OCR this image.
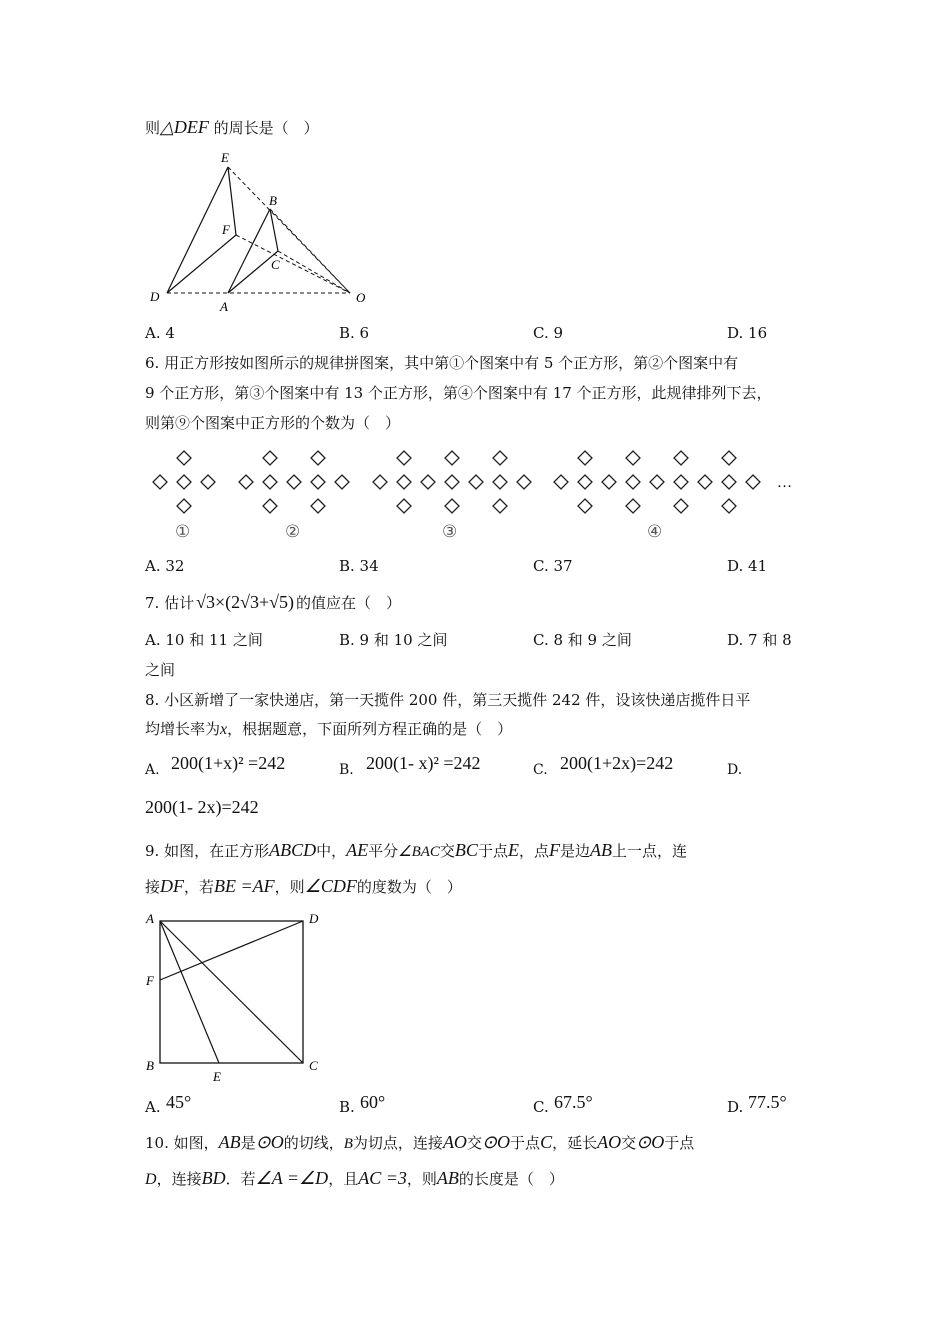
则△DEF 的周长是（　）
E
F
B
C
D
A
O
A. 4	B. 6	C. 9	D. 16
6. 用正方形按如图所示的规律拼图案，其中第①个图案中有 5 个正方形，第②个图案中有
9 个正方形，第③个图案中有 13 个正方形，第④个图案中有 17 个正方形，此规律排列下去，
则第⑨个图案中正方形的个数为（　）
…
①	②	③	④
A. 32	B. 34	C. 37	D. 41
7. 估计 √3×(2√3+√5) 的值应在（　）
A. 10 和 11 之间	B. 9 和 10 之间	C. 8 和 9 之间	D. 7 和 8
之间
8. 小区新增了一家快递店，第一天揽件 200 件，第三天揽件 242 件，设该快递店揽件日平
均增长率为x，根据题意，下面所列方程正确的是（　）
A. 200(1+x)² =242	B. 200(1- x)² =242	C. 200(1+2x)=242	D.
200(1- 2x)=242
9. 如图，在正方形ABCD中，AE平分∠BAC交BC于点E，点F是边AB上一点，连
接DF，若BE =AF，则∠CDF的度数为（　）
A	D
F
B
E
C
A. 45°	B. 60°	C. 67.5°	D. 77.5°
10. 如图，AB是⊙O的切线，B为切点，连接AO交⊙O于点C，延长AO交⊙O于点
D，连接BD．若∠A =∠D，且AC =3，则AB的长度是（　）
